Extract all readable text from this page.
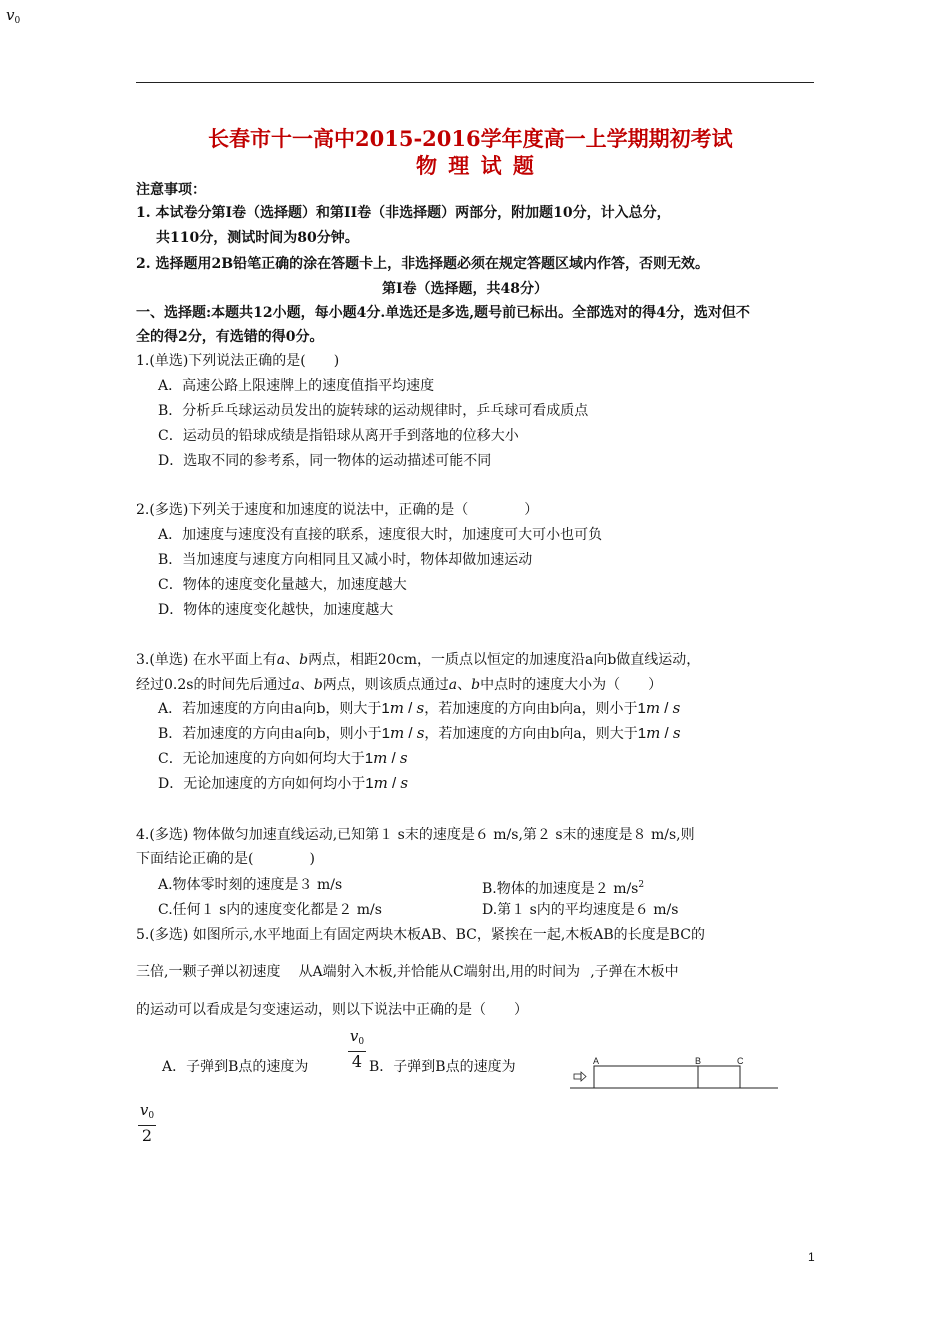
$v_0$
长春市十一高中2015-2016学年度高一上学期期初考试
物 理 试 题
注意事项：
1. 本试卷分第I卷（选择题）和第II卷（非选择题）两部分，附加题10分，计入总分，
共110分，测试时间为80分钟。
2. 选择题用2B铅笔正确的涂在答题卡上，非选择题必须在规定答题区域内作答，否则无效。
第I卷（选择题，共48分）
一、选择题:本题共12小题，每小题4分.单选还是多选,题号前已标出。全部选对的得4分，选对但不
全的得2分，有选错的得0分。
1.(单选)下列说法正确的是(　　)
A．高速公路上限速牌上的速度值指平均速度
B．分析乒乓球运动员发出的旋转球的运动规律时，乒乓球可看成质点
C．运动员的铅球成绩是指铅球从离开手到落地的位移大小
D．选取不同的参考系，同一物体的运动描述可能不同
2.(多选)下列关于速度和加速度的说法中，正确的是（　　　　）
A．加速度与速度没有直接的联系，速度很大时，加速度可大可小也可负
B．当加速度与速度方向相同且又减小时，物体却做加速运动
C．物体的速度变化量越大，加速度越大
D．物体的速度变化越快，加速度越大
3.(单选) 在水平面上有a、b两点，相距20cm，一质点以恒定的加速度沿a向b做直线运动，
经过0.2s的时间先后通过a、b两点，则该质点通过a、b中点时的速度大小为（　　）
A．若加速度的方向由a向b，则大于1m / s，若加速度的方向由b向a，则小于1m / s
B．若加速度的方向由a向b，则小于1m / s，若加速度的方向由b向a，则大于1m / s
C．无论加速度的方向如何均大于1m / s
D．无论加速度的方向如何均小于1m / s
4.(多选) 物体做匀加速直线运动,已知第１ s末的速度是６ m/s,第２ s末的速度是８ m/s,则
下面结论正确的是(　　　　)
A.物体零时刻的速度是３ m/s	B.物体的加速度是２ $m/s^2$
C.任何１ s内的速度变化都是２ m/s	D.第１ s内的平均速度是６ m/s
5.(多选) 如图所示,水平地面上有固定两块木板AB、BC，紧挨在一起,木板AB的长度是BC的
三倍,一颗子弹以初速度 从A端射入木板,并恰能从C端射出,用的时间为 ,子弹在木板中
的运动可以看成是匀变速运动，则以下说法中正确的是（　　）
A．子弹到B点的速度为
$v_0$
4 B．子弹到B点的速度为	A	B	C
$v_0$
2
1
